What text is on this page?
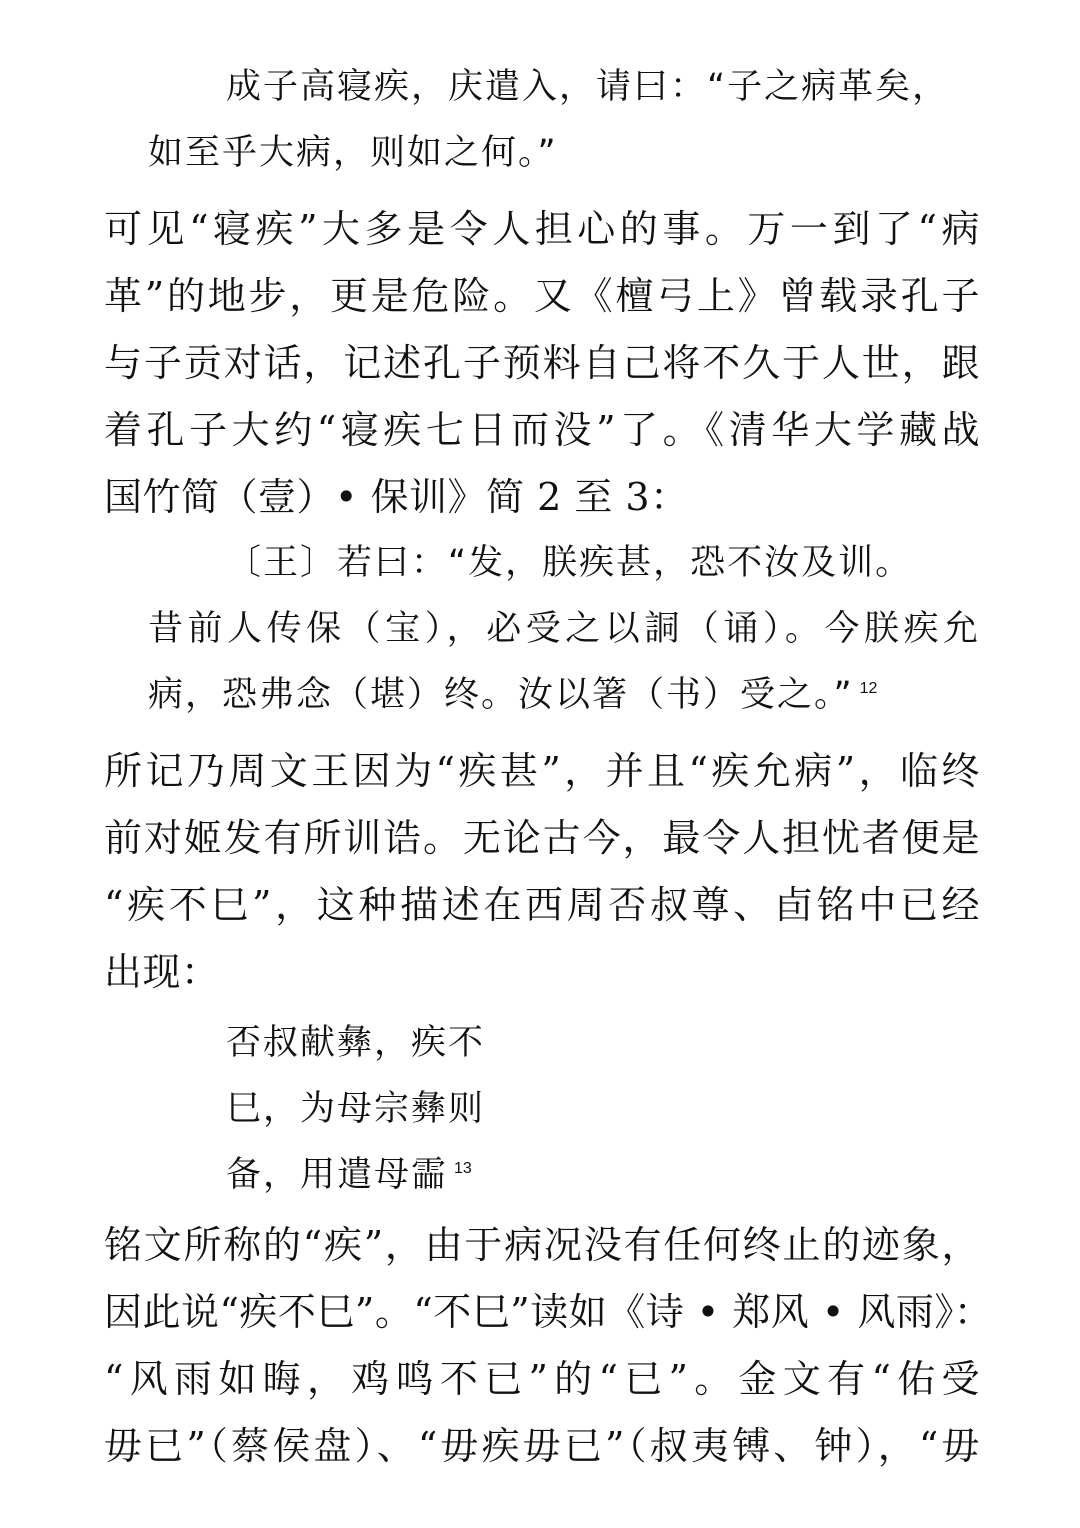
成子高寝疾，庆遣入，请曰：“子之病革矣，
如至乎大病，则如之何。”
可见“寝疾”大多是令人担心的事。万一到了“病
革”的地步，更是危险。又《檀弓上》曾载录孔子
与子贡对话，记述孔子预料自己将不久于人世，跟
着孔子大约“寝疾七日而没”了。《清华大学藏战
国竹简（壹）• 保训》简 2 至 3：
〔王〕若曰：“发，朕疾甚，恐不汝及训。
昔前人传保（宝），必受之以詷（诵）。今朕疾允
病，恐弗念（堪）终。汝以箸（书）受之。” $^{12}$
所记乃周文王因为“疾甚”，并且“疾允病”，临终
前对姬发有所训诰。无论古今，最令人担忧者便是
“疾不巳”，这种描述在西周否叔尊、卣铭中已经
出现：
否叔献彝，疾不
巳，为母宗彝则
备，用遣母霝 $^{13}$
铭文所称的“疾”，由于病况没有任何终止的迹象，
因此说“疾不巳”。“不巳”读如《诗 • 郑风 • 风雨》：
“风雨如晦，鸡鸣不已”的“已”。金文有“佑受
毋已”（蔡侯盘）、“毋疾毋已”（叔夷镈、钟），“毋
